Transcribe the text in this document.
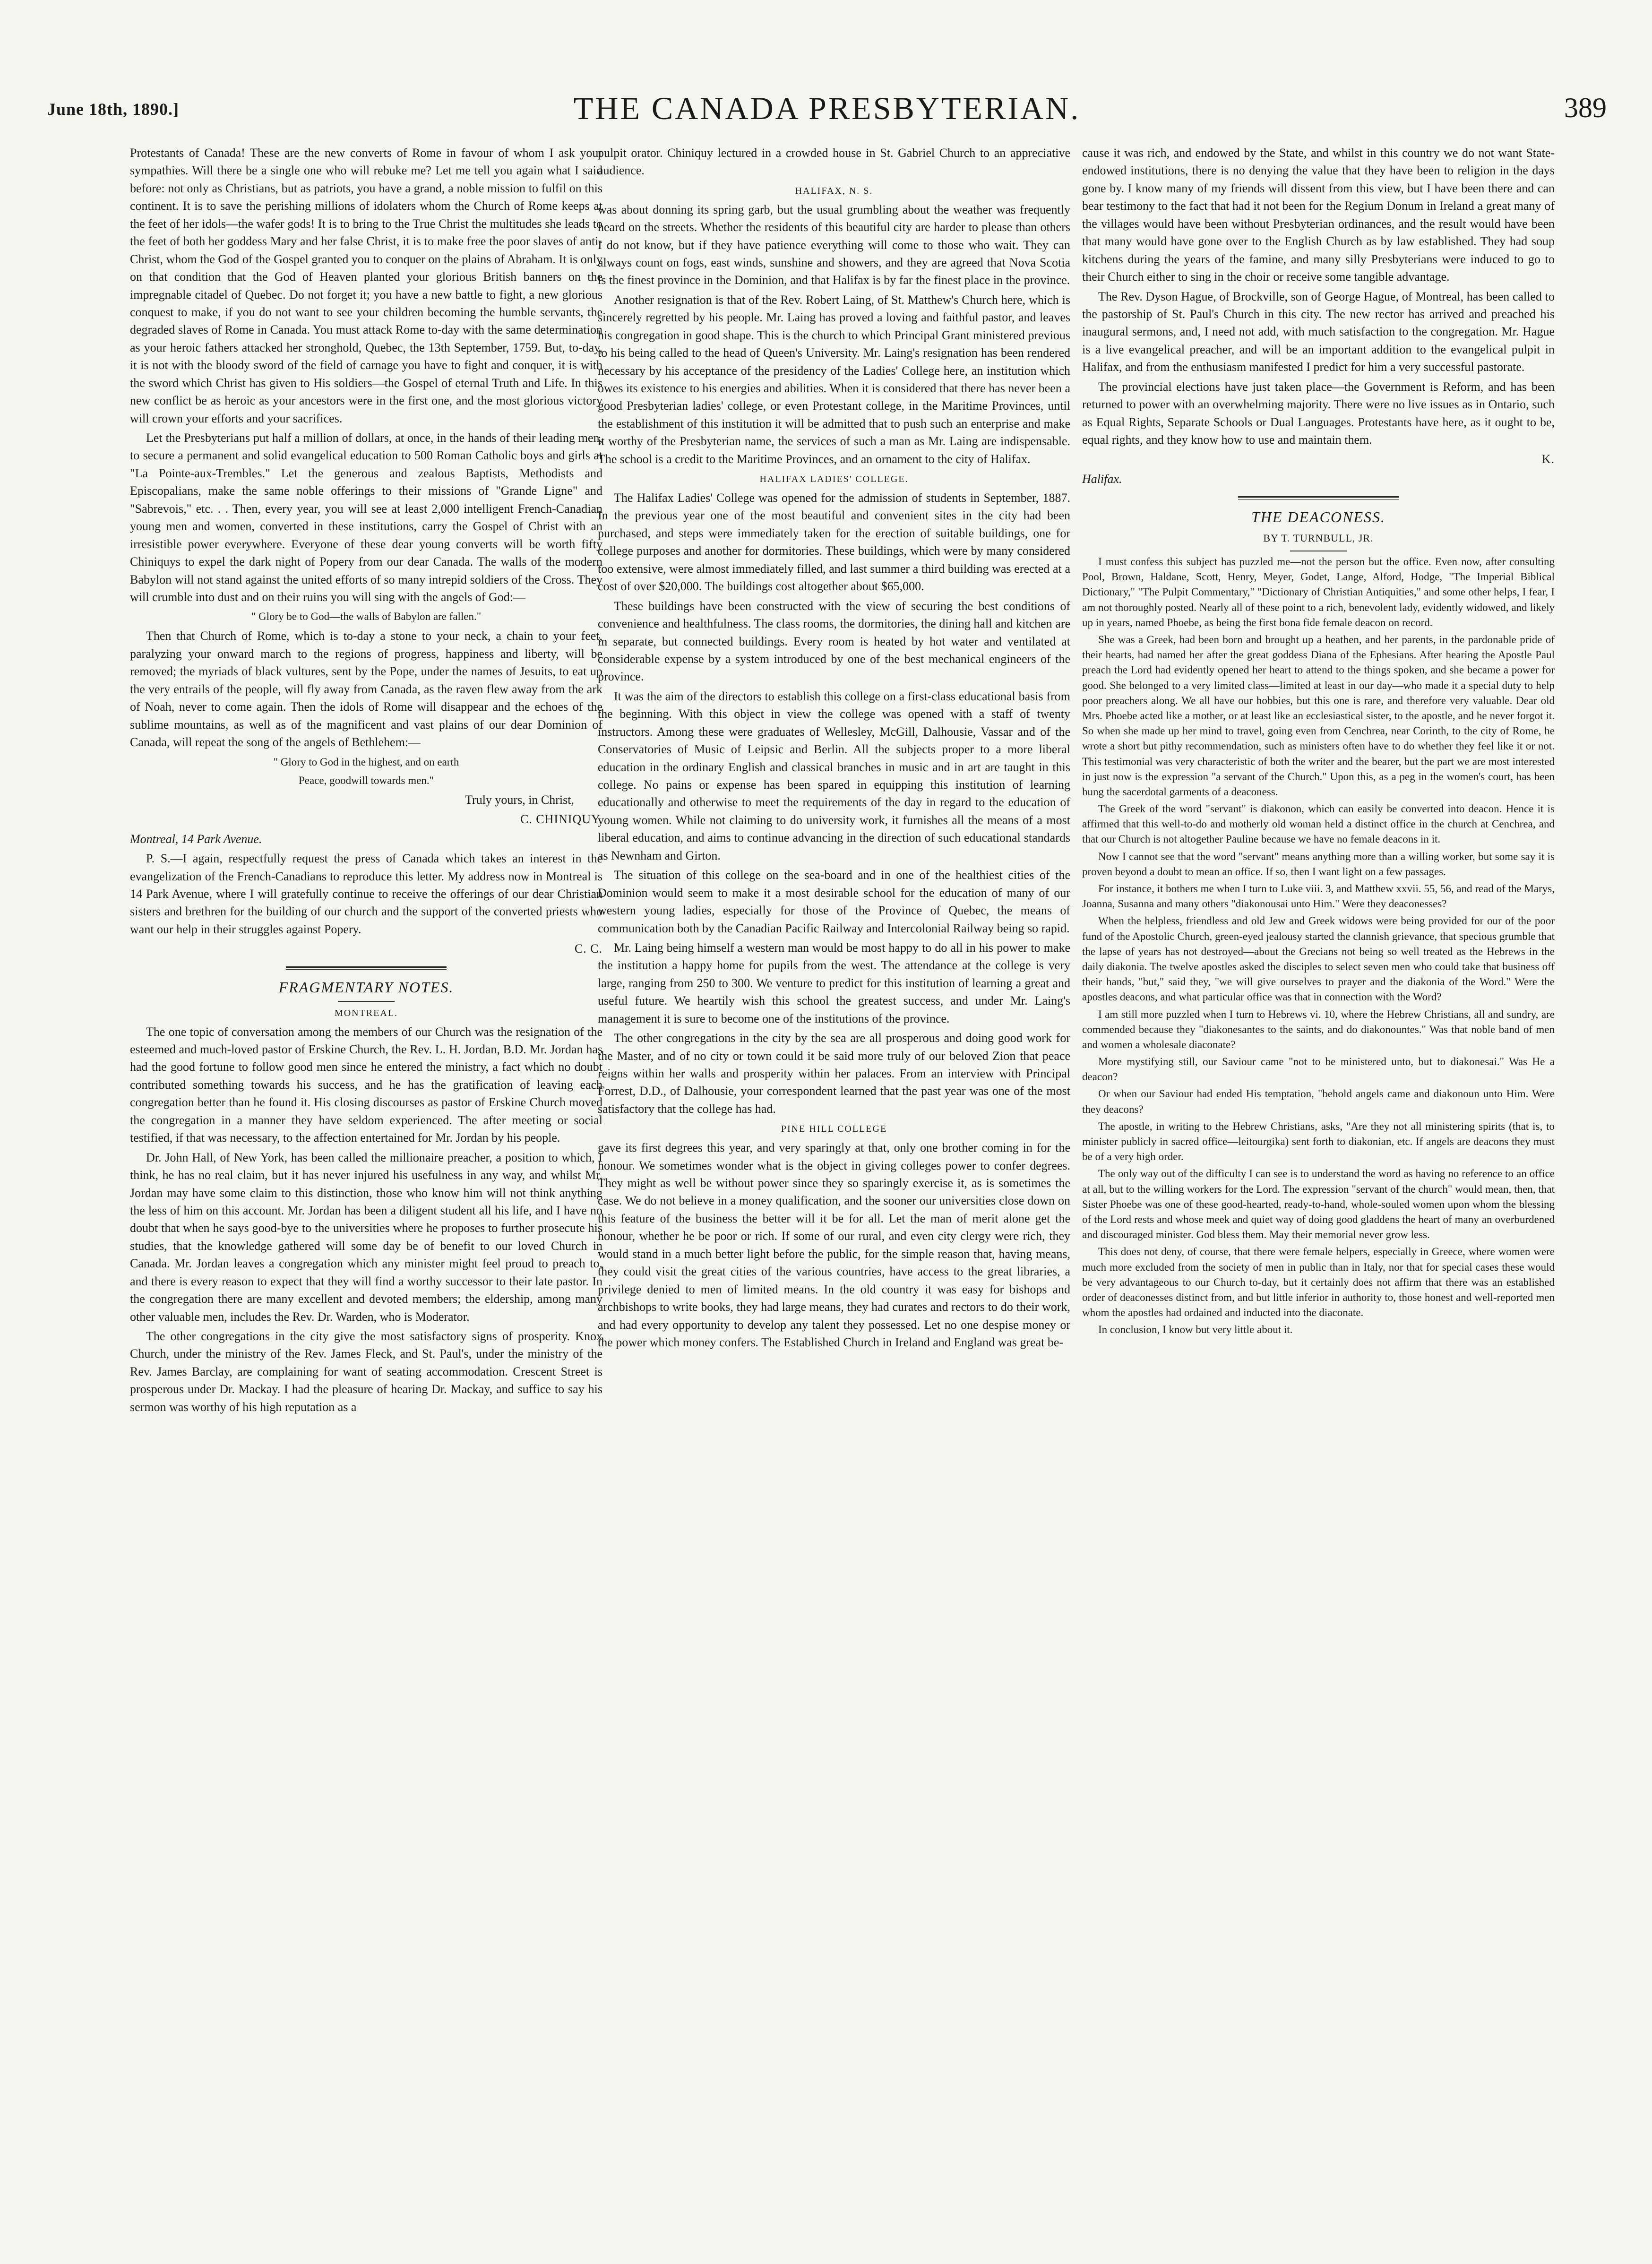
June 18th, 1890.]	THE CANADA PRESBYTERIAN.	389

Protestants of Canada! These are the new converts of Rome in favour of whom I ask your sympathies. Will there be a single one who will rebuke me? Let me tell you again what I said before: not only as Christians, but as patriots, you have a grand, a noble mission to fulfil on this continent. It is to save the perishing millions of idolaters whom the Church of Rome keeps at the feet of her idols—the wafer gods! It is to bring to the True Christ the multitudes she leads to the feet of both her goddess Mary and her false Christ, it is to make free the poor slaves of anti-Christ, whom the God of the Gospel granted you to conquer on the plains of Abraham. It is only on that condition that the God of Heaven planted your glorious British banners on the impregnable citadel of Quebec. Do not forget it; you have a new battle to fight, a new glorious conquest to make, if you do not want to see your children becoming the humble servants, the degraded slaves of Rome in Canada. You must attack Rome to-day with the same determination as your heroic fathers attacked her stronghold, Quebec, the 13th September, 1759. But, to-day, it is not with the bloody sword of the field of carnage you have to fight and conquer, it is with the sword which Christ has given to His soldiers—the Gospel of eternal Truth and Life. In this new conflict be as heroic as your ancestors were in the first one, and the most glorious victory will crown your efforts and your sacrifices.

Let the Presbyterians put half a million of dollars, at once, in the hands of their leading men, to secure a permanent and solid evangelical education to 500 Roman Catholic boys and girls at "La Pointe-aux-Trembles." Let the generous and zealous Baptists, Methodists and Episcopalians, make the same noble offerings to their missions of "Grande Ligne" and "Sabrevois," etc. . . Then, every year, you will see at least 2,000 intelligent French-Canadian young men and women, converted in these institutions, carry the Gospel of Christ with an irresistible power everywhere. Everyone of these dear young converts will be worth fifty Chiniquys to expel the dark night of Popery from our dear Canada. The walls of the modern Babylon will not stand against the united efforts of so many intrepid soldiers of the Cross. They will crumble into dust and on their ruins you will sing with the angels of God:—

" Glory be to God—the walls of Babylon are fallen."

Then that Church of Rome, which is to-day a stone to your neck, a chain to your feet, paralyzing your onward march to the regions of progress, happiness and liberty, will be removed; the myriads of black vultures, sent by the Pope, under the names of Jesuits, to eat up the very entrails of the people, will fly away from Canada, as the raven flew away from the ark of Noah, never to come again. Then the idols of Rome will disappear and the echoes of the sublime mountains, as well as of the magnificent and vast plains of our dear Dominion of Canada, will repeat the song of the angels of Bethlehem:—

" Glory to God in the highest, and on earth
Peace, goodwill towards men."
Truly yours, in Christ,
C. CHINIQUY.
Montreal, 14 Park Avenue.

P. S.—I again, respectfully request the press of Canada which takes an interest in the evangelization of the French-Canadians to reproduce this letter. My address now in Montreal is 14 Park Avenue, where I will gratefully continue to receive the offerings of our dear Christian sisters and brethren for the building of our church and the support of the converted priests who want our help in their struggles against Popery.

C. C.
FRAGMENTARY NOTES.
MONTREAL.

The one topic of conversation among the members of our Church was the resignation of the esteemed and much-loved pastor of Erskine Church, the Rev. L. H. Jordan, B.D. Mr. Jordan has had the good fortune to follow good men since he entered the ministry, a fact which no doubt contributed something towards his success, and he has the gratification of leaving each congregation better than he found it. His closing discourses as pastor of Erskine Church moved the congregation in a manner they have seldom experienced. The after meeting or social testified, if that was necessary, to the affection entertained for Mr. Jordan by his people.

Dr. John Hall, of New York, has been called the millionaire preacher, a position to which, I think, he has no real claim, but it has never injured his usefulness in any way, and whilst Mr. Jordan may have some claim to this distinction, those who know him will not think anything the less of him on this account. Mr. Jordan has been a diligent student all his life, and I have no doubt that when he says good-bye to the universities where he proposes to further prosecute his studies, that the knowledge gathered will some day be of benefit to our loved Church in Canada. Mr. Jordan leaves a congregation which any minister might feel proud to preach to, and there is every reason to expect that they will find a worthy successor to their late pastor. In the congregation there are many excellent and devoted members; the eldership, among many other valuable men, includes the Rev. Dr. Warden, who is Moderator.

The other congregations in the city give the most satisfactory signs of prosperity. Knox Church, under the ministry of the Rev. James Fleck, and St. Paul's, under the ministry of the Rev. James Barclay, are complaining for want of seating accommodation. Crescent Street is prosperous under Dr. Mackay. I had the pleasure of hearing Dr. Mackay, and suffice to say his sermon was worthy of his high reputation as a

pulpit orator. Chiniquy lectured in a crowded house in St. Gabriel Church to an appreciative audience.

HALIFAX, N. S.

was about donning its spring garb, but the usual grumbling about the weather was frequently heard on the streets. Whether the residents of this beautiful city are harder to please than others I do not know, but if they have patience everything will come to those who wait. They can always count on fogs, east winds, sunshine and showers, and they are agreed that Nova Scotia is the finest province in the Dominion, and that Halifax is by far the finest place in the province.

Another resignation is that of the Rev. Robert Laing, of St. Matthew's Church here, which is sincerely regretted by his people. Mr. Laing has proved a loving and faithful pastor, and leaves his congregation in good shape. This is the church to which Principal Grant ministered previous to his being called to the head of Queen's University. Mr. Laing's resignation has been rendered necessary by his acceptance of the presidency of the Ladies' College here, an institution which owes its existence to his energies and abilities. When it is considered that there has never been a good Presbyterian ladies' college, or even Protestant college, in the Maritime Provinces, until the establishment of this institution it will be admitted that to push such an enterprise and make it worthy of the Presbyterian name, the services of such a man as Mr. Laing are indispensable. The school is a credit to the Maritime Provinces, and an ornament to the city of Halifax.

HALIFAX LADIES' COLLEGE.

The Halifax Ladies' College was opened for the admission of students in September, 1887. In the previous year one of the most beautiful and convenient sites in the city had been purchased, and steps were immediately taken for the erection of suitable buildings, one for college purposes and another for dormitories. These buildings, which were by many considered too extensive, were almost immediately filled, and last summer a third building was erected at a cost of over $20,000. The buildings cost altogether about $65,000.

These buildings have been constructed with the view of securing the best conditions of convenience and healthfulness. The class rooms, the dormitories, the dining hall and kitchen are in separate, but connected buildings. Every room is heated by hot water and ventilated at considerable expense by a system introduced by one of the best mechanical engineers of the province.

It was the aim of the directors to establish this college on a first-class educational basis from the beginning. With this object in view the college was opened with a staff of twenty instructors. Among these were graduates of Wellesley, McGill, Dalhousie, Vassar and of the Conservatories of Music of Leipsic and Berlin. All the subjects proper to a more liberal education in the ordinary English and classical branches in music and in art are taught in this college. No pains or expense has been spared in equipping this institution of learning educationally and otherwise to meet the requirements of the day in regard to the education of young women. While not claiming to do university work, it furnishes all the means of a most liberal education, and aims to continue advancing in the direction of such educational standards as Newnham and Girton.

The situation of this college on the sea-board and in one of the healthiest cities of the Dominion would seem to make it a most desirable school for the education of many of our western young ladies, especially for those of the Province of Quebec, the means of communication both by the Canadian Pacific Railway and Intercolonial Railway being so rapid.

Mr. Laing being himself a western man would be most happy to do all in his power to make the institution a happy home for pupils from the west. The attendance at the college is very large, ranging from 250 to 300. We venture to predict for this institution of learning a great and useful future. We heartily wish this school the greatest success, and under Mr. Laing's management it is sure to become one of the institutions of the province.

The other congregations in the city by the sea are all prosperous and doing good work for the Master, and of no city or town could it be said more truly of our beloved Zion that peace reigns within her walls and prosperity within her palaces. From an interview with Principal Forrest, D.D., of Dalhousie, your correspondent learned that the past year was one of the most satisfactory that the college has had.

PINE HILL COLLEGE

gave its first degrees this year, and very sparingly at that, only one brother coming in for the honour. We sometimes wonder what is the object in giving colleges power to confer degrees. They might as well be without power since they so sparingly exercise it, as is sometimes the case. We do not believe in a money qualification, and the sooner our universities close down on this feature of the business the better will it be for all. Let the man of merit alone get the honour, whether he be poor or rich. If some of our rural, and even city clergy were rich, they would stand in a much better light before the public, for the simple reason that, having means, they could visit the great cities of the various countries, have access to the great libraries, a privilege denied to men of limited means. In the old country it was easy for bishops and archbishops to write books, they had large means, they had curates and rectors to do their work, and had every opportunity to develop any talent they possessed. Let no one despise money or the power which money confers. The Established Church in Ireland and England was great be-

cause it was rich, and endowed by the State, and whilst in this country we do not want State-endowed institutions, there is no denying the value that they have been to religion in the days gone by. I know many of my friends will dissent from this view, but I have been there and can bear testimony to the fact that had it not been for the Regium Donum in Ireland a great many of the villages would have been without Presbyterian ordinances, and the result would have been that many would have gone over to the English Church as by law established. They had soup kitchens during the years of the famine, and many silly Presbyterians were induced to go to their Church either to sing in the choir or receive some tangible advantage.

The Rev. Dyson Hague, of Brockville, son of George Hague, of Montreal, has been called to the pastorship of St. Paul's Church in this city. The new rector has arrived and preached his inaugural sermons, and, I need not add, with much satisfaction to the congregation. Mr. Hague is a live evangelical preacher, and will be an important addition to the evangelical pulpit in Halifax, and from the enthusiasm manifested I predict for him a very successful pastorate.

The provincial elections have just taken place—the Government is Reform, and has been returned to power with an overwhelming majority. There were no live issues as in Ontario, such as Equal Rights, Separate Schools or Dual Languages. Protestants have here, as it ought to be, equal rights, and they know how to use and maintain them.

K.
Halifax.
THE DEACONESS.
BY T. TURNBULL, JR.

I must confess this subject has puzzled me—not the person but the office. Even now, after consulting Pool, Brown, Haldane, Scott, Henry, Meyer, Godet, Lange, Alford, Hodge, "The Imperial Biblical Dictionary," "The Pulpit Commentary," "Dictionary of Christian Antiquities," and some other helps, I fear, I am not thoroughly posted. Nearly all of these point to a rich, benevolent lady, evidently widowed, and likely up in years, named Phoebe, as being the first bona fide female deacon on record.

She was a Greek, had been born and brought up a heathen, and her parents, in the pardonable pride of their hearts, had named her after the great goddess Diana of the Ephesians. After hearing the Apostle Paul preach the Lord had evidently opened her heart to attend to the things spoken, and she became a power for good. She belonged to a very limited class—limited at least in our day—who made it a special duty to help poor preachers along. We all have our hobbies, but this one is rare, and therefore very valuable. Dear old Mrs. Phoebe acted like a mother, or at least like an ecclesiastical sister, to the apostle, and he never forgot it. So when she made up her mind to travel, going even from Cenchrea, near Corinth, to the city of Rome, he wrote a short but pithy recommendation, such as ministers often have to do whether they feel like it or not. This testimonial was very characteristic of both the writer and the bearer, but the part we are most interested in just now is the expression "a servant of the Church." Upon this, as a peg in the women's court, has been hung the sacerdotal garments of a deaconess.

The Greek of the word "servant" is diakonon, which can easily be converted into deacon. Hence it is affirmed that this well-to-do and motherly old woman held a distinct office in the church at Cenchrea, and that our Church is not altogether Pauline because we have no female deacons in it.

Now I cannot see that the word "servant" means anything more than a willing worker, but some say it is proven beyond a doubt to mean an office. If so, then I want light on a few passages.

For instance, it bothers me when I turn to Luke viii. 3, and Matthew xxvii. 55, 56, and read of the Marys, Joanna, Susanna and many others "diakonousai unto Him." Were they deaconesses?

When the helpless, friendless and old Jew and Greek widows were being provided for our of the poor fund of the Apostolic Church, green-eyed jealousy started the clannish grievance, that specious grumble that the lapse of years has not destroyed—about the Grecians not being so well treated as the Hebrews in the daily diakonia. The twelve apostles asked the disciples to select seven men who could take that business off their hands, "but," said they, "we will give ourselves to prayer and the diakonia of the Word." Were the apostles deacons, and what particular office was that in connection with the Word?

I am still more puzzled when I turn to Hebrews vi. 10, where the Hebrew Christians, all and sundry, are commended because they "diakonesantes to the saints, and do diakonountes." Was that noble band of men and women a wholesale diaconate?

More mystifying still, our Saviour came "not to be ministered unto, but to diakonesai." Was He a deacon?

Or when our Saviour had ended His temptation, "behold angels came and diakonoun unto Him. Were they deacons?

The apostle, in writing to the Hebrew Christians, asks, "Are they not all ministering spirits (that is, to minister publicly in sacred office—leitourgika) sent forth to diakonian, etc. If angels are deacons they must be of a very high order.

The only way out of the difficulty I can see is to understand the word as having no reference to an office at all, but to the willing workers for the Lord. The expression "servant of the church" would mean, then, that Sister Phoebe was one of these good-hearted, ready-to-hand, whole-souled women upon whom the blessing of the Lord rests and whose meek and quiet way of doing good gladdens the heart of many an overburdened and discouraged minister. God bless them. May their memorial never grow less.

This does not deny, of course, that there were female helpers, especially in Greece, where women were much more excluded from the society of men in public than in Italy, nor that for special cases these would be very advantageous to our Church to-day, but it certainly does not affirm that there was an established order of deaconesses distinct from, and but little inferior in authority to, those honest and well-reported men whom the apostles had ordained and inducted into the diaconate.

In conclusion, I know but very little about it.
